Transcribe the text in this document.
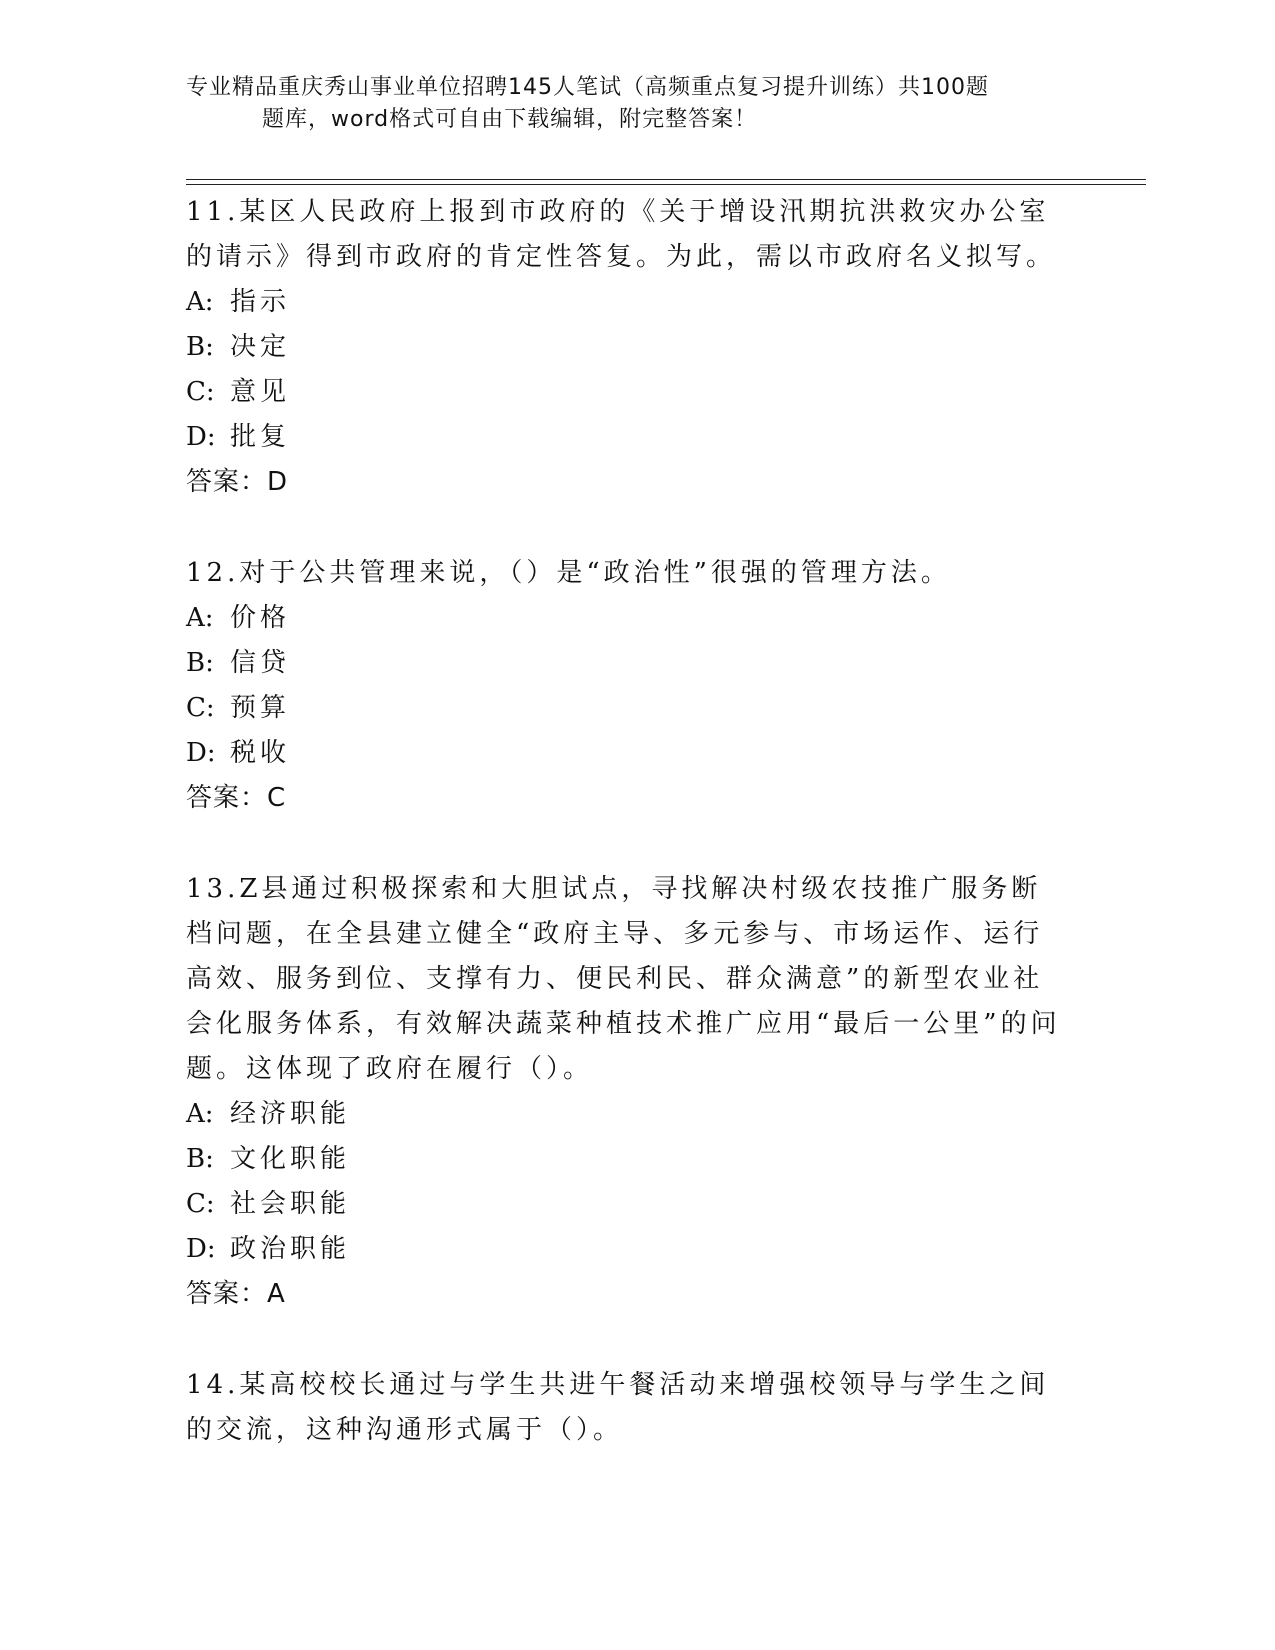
专业精品重庆秀山事业单位招聘145人笔试（高频重点复习提升训练）共100题
题库，word格式可自由下载编辑，附完整答案！
11.某区人民政府上报到市政府的《关于增设汛期抗洪救灾办公室的请示》得到市政府的肯定性答复。为此，需以市政府名义拟写。
A: 指示
B: 决定
C: 意见
D: 批复
答案：D
12.对于公共管理来说，（）是“政治性”很强的管理方法。
A: 价格
B: 信贷
C: 预算
D: 税收
答案：C
13.Z县通过积极探索和大胆试点，寻找解决村级农技推广服务断档问题，在全县建立健全“政府主导、多元参与、市场运作、运行高效、服务到位、支撑有力、便民利民、群众满意”的新型农业社会化服务体系，有效解决蔬菜种植技术推广应用“最后一公里”的问题。这体现了政府在履行（）。
A: 经济职能
B: 文化职能
C: 社会职能
D: 政治职能
答案：A
14.某高校校长通过与学生共进午餐活动来增强校领导与学生之间的交流，这种沟通形式属于（）。
